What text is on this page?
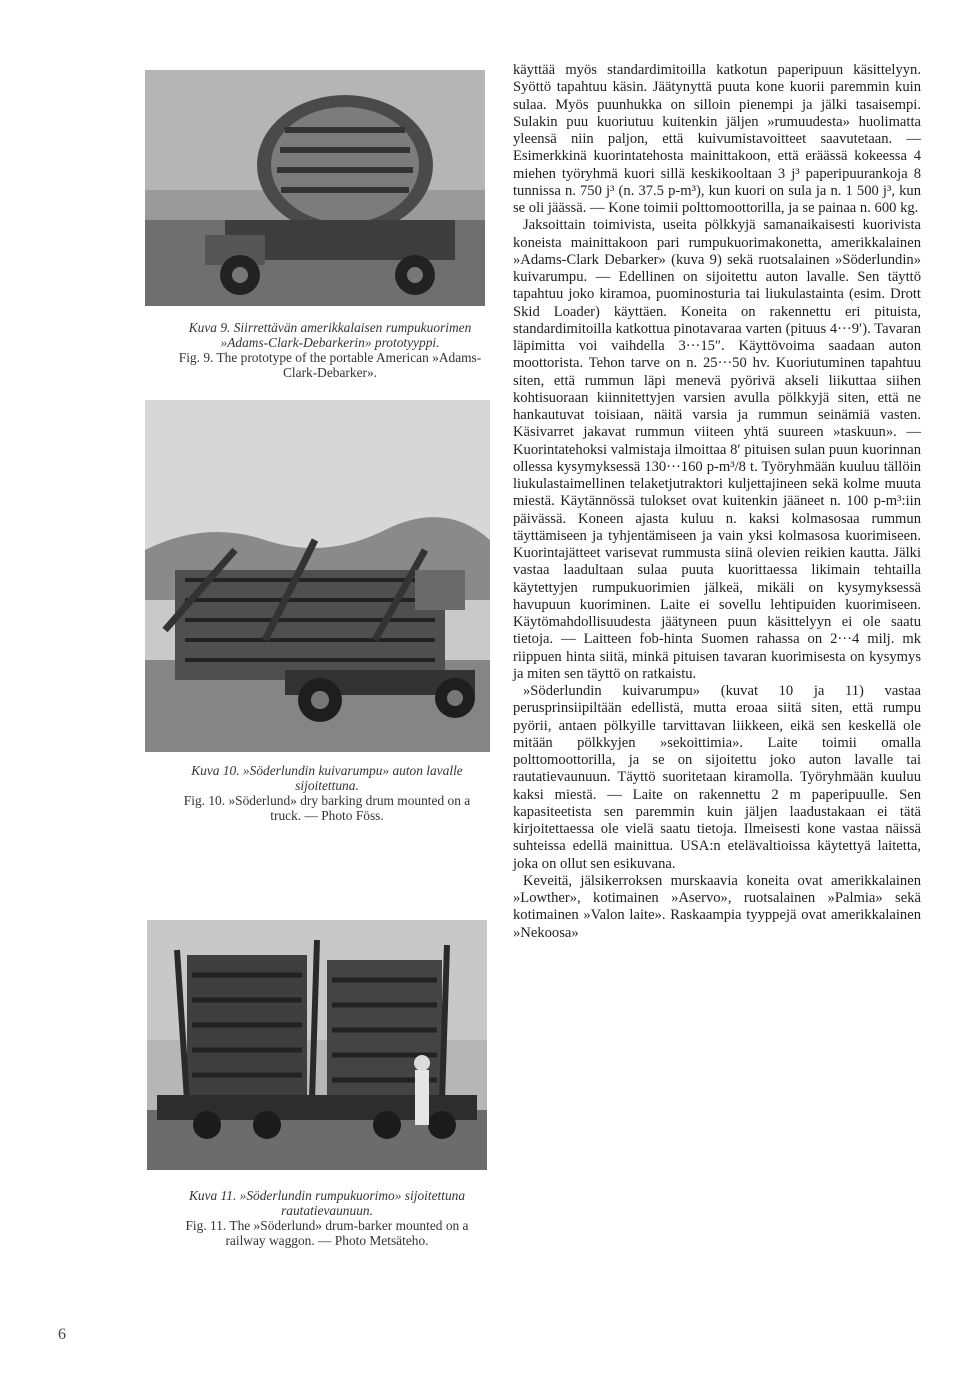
Kuva 9. Siirrettävän amerikkalaisen rumpukuorimen »Adams-Clark-Debarkerin» prototyyppi.
Fig. 9. The prototype of the portable American »Adams-Clark-Debarker».
Kuva 10. »Söderlundin kuivarumpu» auton lavalle sijoitettuna.
Fig. 10. »Söderlund» dry barking drum mounted on a truck. — Photo Föss.
Kuva 11. »Söderlundin rumpukuorimo» sijoitettuna rautatievaunuun.
Fig. 11. The »Söderlund» drum-barker mounted on a railway waggon. — Photo Metsäteho.

käyttää myös standardimitoilla katkotun paperipuun käsittelyyn. Syöttö tapahtuu käsin. Jäätynyttä puuta kone kuorii paremmin kuin sulaa. Myös puunhukka on silloin pienempi ja jälki tasaisempi. Sulakin puu kuoriutuu kuitenkin jäljen »rumuudesta» huolimatta yleensä niin paljon, että kuivumistavoitteet saavutetaan. — Esimerkkinä kuorintatehosta mainittakoon, että eräässä kokeessa 4 miehen työryhmä kuori sillä keskikooltaan 3 j³ paperipuurankoja 8 tunnissa n. 750 j³ (n. 37.5 p-m³), kun kuori on sula ja n. 1 500 j³, kun se oli jäässä. — Kone toimii polttomoottorilla, ja se painaa n. 600 kg.

Jaksoittain toimivista, useita pölkkyjä samanaikaisesti kuorivista koneista mainittakoon pari rumpukuorimakonetta, amerikkalainen »Adams-Clark Debarker» (kuva 9) sekä ruotsalainen »Söderlundin» kuivarumpu. — Edellinen on sijoitettu auton lavalle. Sen täyttö tapahtuu joko kiramoa, puominosturia tai liukulastainta (esim. Drott Skid Loader) käyttäen. Koneita on rakennettu eri pituista, standardimitoilla katkottua pinotavaraa varten (pituus 4···9′). Tavaran läpimitta voi vaihdella 3···15″. Käyttövoima saadaan auton moottorista. Tehon tarve on n. 25···50 hv. Kuoriutuminen tapahtuu siten, että rummun läpi menevä pyörivä akseli liikuttaa siihen kohtisuoraan kiinnitettyjen varsien avulla pölkkyjä siten, että ne hankautuvat toisiaan, näitä varsia ja rummun seinämiä vasten. Käsivarret jakavat rummun viiteen yhtä suureen »taskuun». — Kuorintatehoksi valmistaja ilmoittaa 8′ pituisen sulan puun kuorinnan ollessa kysymyksessä 130···160 p-m³/8 t. Työryhmään kuuluu tällöin liukulastaimellinen telaketjutraktori kuljettajineen sekä kolme muuta miestä. Käytännössä tulokset ovat kuitenkin jääneet n. 100 p-m³:iin päivässä. Koneen ajasta kuluu n. kaksi kolmasosaa rummun täyttämiseen ja tyhjentämiseen ja vain yksi kolmasosa kuorimiseen. Kuorintajätteet varisevat rummusta siinä olevien reikien kautta. Jälki vastaa laadultaan sulaa puuta kuorittaessa likimain tehtailla käytettyjen rumpukuorimien jälkeä, mikäli on kysymyksessä havupuun kuoriminen. Laite ei sovellu lehtipuiden kuorimiseen. Käytömahdollisuudesta jäätyneen puun käsittelyyn ei ole saatu tietoja. — Laitteen fob-hinta Suomen rahassa on 2···4 milj. mk riippuen hinta siitä, minkä pituisen tavaran kuorimisesta on kysymys ja miten sen täyttö on ratkaistu.

»Söderlundin kuivarumpu» (kuvat 10 ja 11) vastaa perusprinsiipiltään edellistä, mutta eroaa siitä siten, että rumpu pyörii, antaen pölkyille tarvittavan liikkeen, eikä sen keskellä ole mitään pölkkyjen »sekoittimia». Laite toimii omalla polttomoottorilla, ja se on sijoitettu joko auton lavalle tai rautatievaunuun. Täyttö suoritetaan kiramolla. Työryhmään kuuluu kaksi miestä. — Laite on rakennettu 2 m paperipuulle. Sen kapasiteetista sen paremmin kuin jäljen laadustakaan ei tätä kirjoitettaessa ole vielä saatu tietoja. Ilmeisesti kone vastaa näissä suhteissa edellä mainittua. USA:n etelävaltioissa käytettyä laitetta, joka on ollut sen esikuvana.

Keveitä, jälsikerroksen murskaavia koneita ovat amerikkalainen »Lowther», kotimainen »Aservo», ruotsalainen »Palmia» sekä kotimainen »Valon laite». Raskaampia tyyppejä ovat amerikkalainen »Nekoosa»

6
